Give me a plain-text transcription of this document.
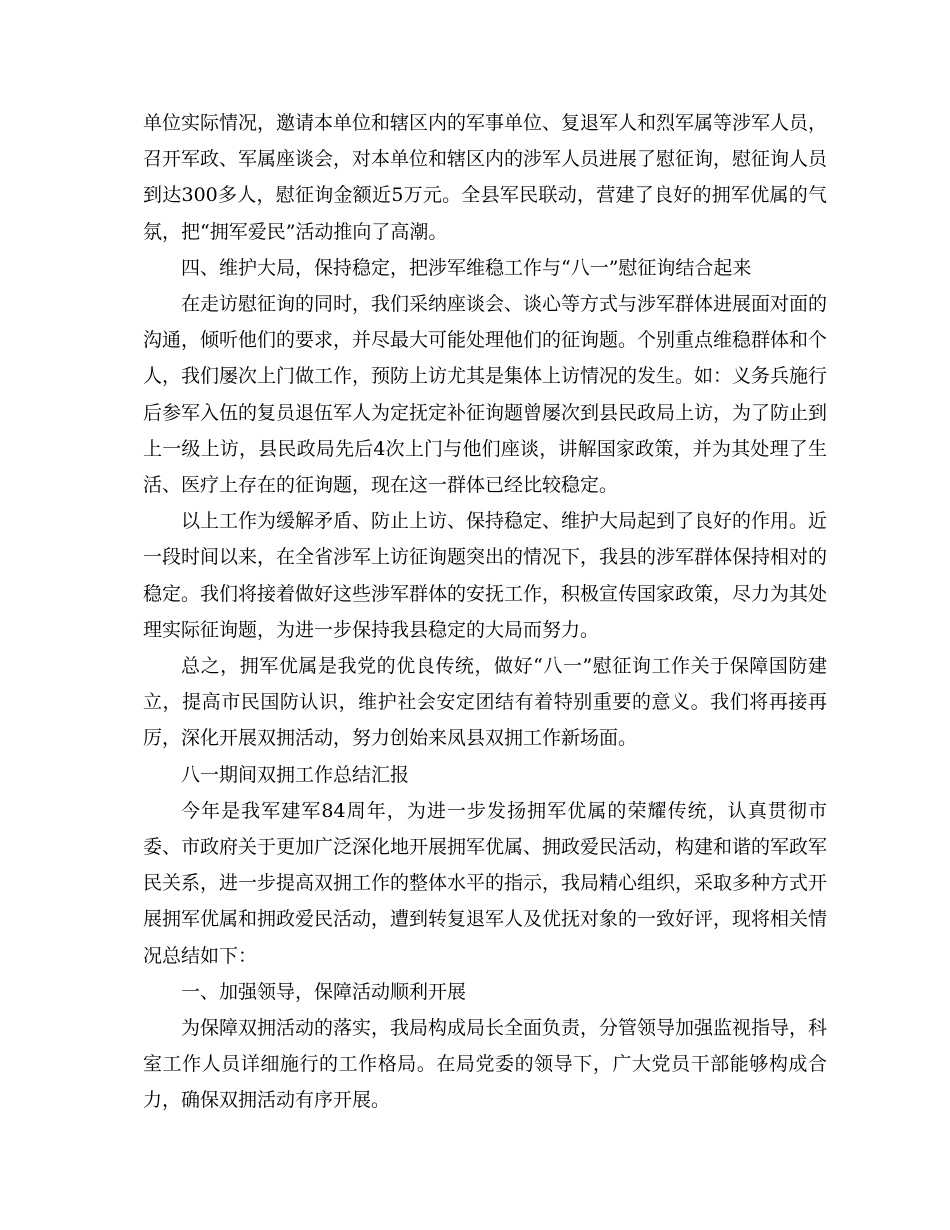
单位实际情况，邀请本单位和辖区内的军事单位、复退军人和烈军属等涉军人员，召开军政、军属座谈会，对本单位和辖区内的涉军人员进展了慰征询，慰征询人员到达300多人，慰征询金额近5万元。全县军民联动，营建了良好的拥军优属的气氛，把“拥军爱民”活动推向了高潮。

四、维护大局，保持稳定，把涉军维稳工作与“八一”慰征询结合起来

在走访慰征询的同时，我们采纳座谈会、谈心等方式与涉军群体进展面对面的沟通，倾听他们的要求，并尽最大可能处理他们的征询题。个别重点维稳群体和个人，我们屡次上门做工作，预防上访尤其是集体上访情况的发生。如：义务兵施行后参军入伍的复员退伍军人为定抚定补征询题曾屡次到县民政局上访，为了防止到上一级上访，县民政局先后4次上门与他们座谈，讲解国家政策，并为其处理了生活、医疗上存在的征询题，现在这一群体已经比较稳定。

以上工作为缓解矛盾、防止上访、保持稳定、维护大局起到了良好的作用。近一段时间以来，在全省涉军上访征询题突出的情况下，我县的涉军群体保持相对的稳定。我们将接着做好这些涉军群体的安抚工作，积极宣传国家政策，尽力为其处理实际征询题，为进一步保持我县稳定的大局而努力。

总之，拥军优属是我党的优良传统，做好“八一”慰征询工作关于保障国防建立，提高市民国防认识，维护社会安定团结有着特别重要的意义。我们将再接再厉，深化开展双拥活动，努力创始来凤县双拥工作新场面。

八一期间双拥工作总结汇报

今年是我军建军84周年，为进一步发扬拥军优属的荣耀传统，认真贯彻市委、市政府关于更加广泛深化地开展拥军优属、拥政爱民活动，构建和谐的军政军民关系，进一步提高双拥工作的整体水平的指示，我局精心组织，采取多种方式开展拥军优属和拥政爱民活动，遭到转复退军人及优抚对象的一致好评，现将相关情况总结如下：

一、加强领导，保障活动顺利开展

为保障双拥活动的落实，我局构成局长全面负责，分管领导加强监视指导，科室工作人员详细施行的工作格局。在局党委的领导下，广大党员干部能够构成合力，确保双拥活动有序开展。
